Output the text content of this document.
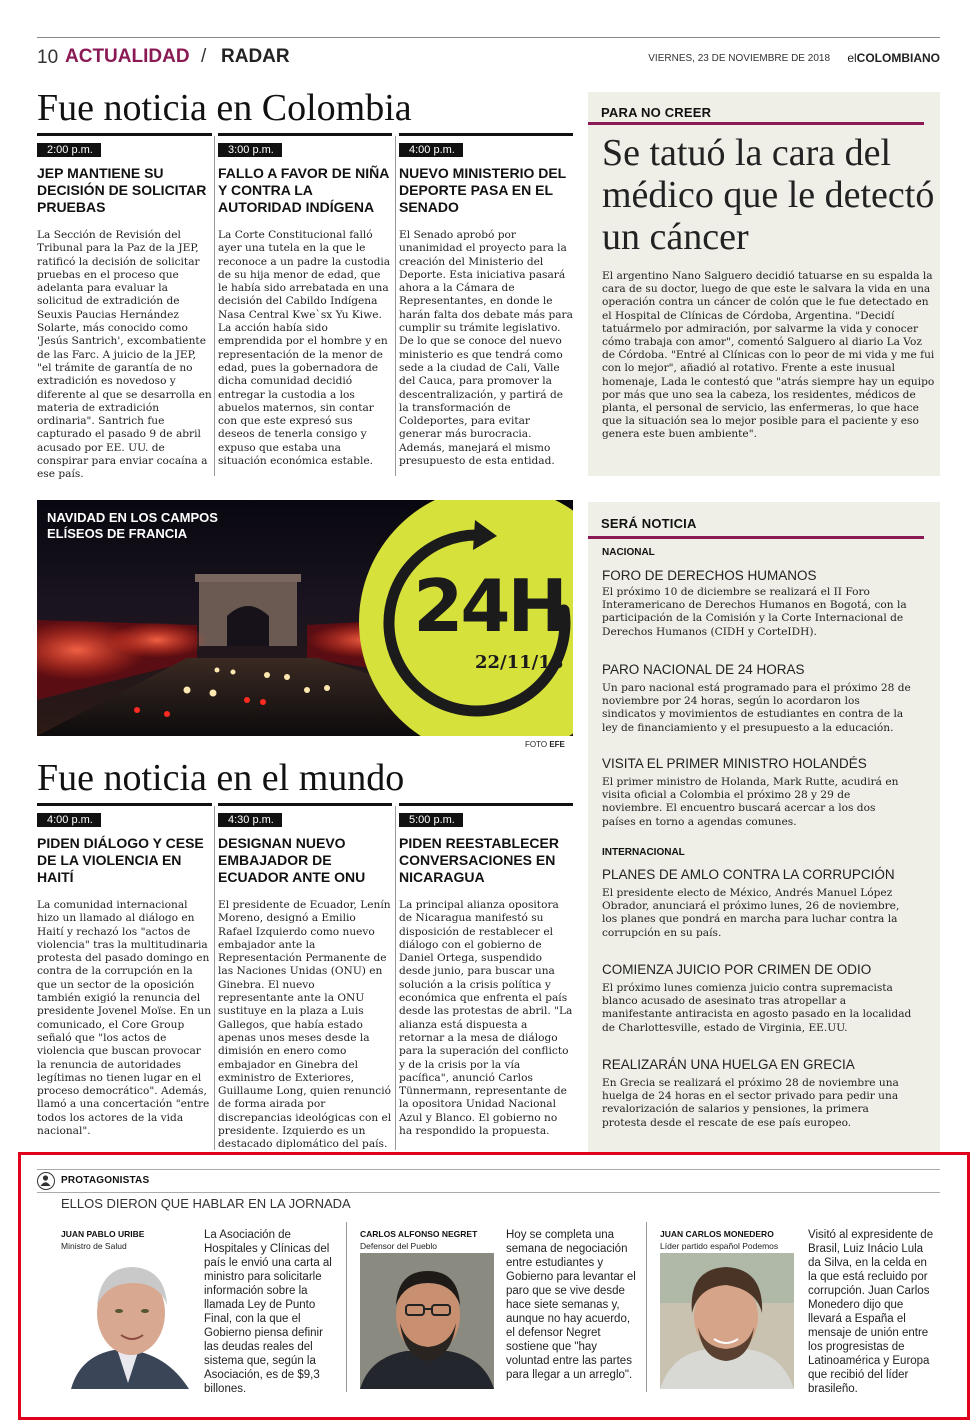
10 ACTUALIDAD / RADAR	VIERNES, 23 DE NOVIEMBRE DE 2018 elCOLOMBIANO
Fue noticia en Colombia
2:00 p.m.
JEP MANTIENE SU DECISIÓN DE SOLICITAR PRUEBAS
La Sección de Revisión del Tribunal para la Paz de la JEP, ratificó la decisión de solicitar pruebas en el proceso que adelanta para evaluar la solicitud de extradición de Seuxis Paucias Hernández Solarte, más conocido como 'Jesús Santrich', excombatiente de las Farc. A juicio de la JEP, "el trámite de garantía de no extradición es novedoso y diferente al que se desarrolla en materia de extradición ordinaria". Santrich fue capturado el pasado 9 de abril acusado por EE. UU. de conspirar para enviar cocaína a ese país.
3:00 p.m.
FALLO A FAVOR DE NIÑA Y CONTRA LA AUTORIDAD INDÍGENA
La Corte Constitucional falló ayer una tutela en la que le reconoce a un padre la custodia de su hija menor de edad, que le había sido arrebatada en una decisión del Cabildo Indígena Nasa Central Kwe`sx Yu Kiwe. La acción había sido emprendida por el hombre y en representación de la menor de edad, pues la gobernadora de dicha comunidad decidió entregar la custodia a los abuelos maternos, sin contar con que este expresó sus deseos de tenerla consigo y expuso que estaba una situación económica estable.
4:00 p.m.
NUEVO MINISTERIO DEL DEPORTE PASA EN EL SENADO
El Senado aprobó por unanimidad el proyecto para la creación del Ministerio del Deporte. Esta iniciativa pasará ahora a la Cámara de Representantes, en donde le harán falta dos debate más para cumplir su trámite legislativo. De lo que se conoce del nuevo ministerio es que tendrá como sede a la ciudad de Cali, Valle del Cauca, para promover la descentralización, y partirá de la transformación de Coldeportes, para evitar generar más burocracia. Además, manejará el mismo presupuesto de esta entidad.
PARA NO CREER
Se tatuó la cara del médico que le detectó un cáncer
El argentino Nano Salguero decidió tatuarse en su espalda la cara de su doctor, luego de que este le salvara la vida en una operación contra un cáncer de colón que le fue detectado en el Hospital de Clínicas de Córdoba, Argentina. "Decidí tatuármelo por admiración, por salvarme la vida y conocer cómo trabaja con amor", comentó Salguero al diario La Voz de Córdoba. "Entré al Clínicas con lo peor de mi vida y me fui con lo mejor", añadió al rotativo. Frente a este inusual homenaje, Lada le contestó que "atrás siempre hay un equipo por más que uno sea la cabeza, los residentes, médicos de planta, el personal de servicio, las enfermeras, lo que hace que la situación sea lo mejor posible para el paciente y eso genera este buen ambiente".
NAVIDAD EN LOS CAMPOS
ELÍSEOS DE FRANCIA
24H
22/11/18
FOTO EFE
Fue noticia en el mundo
4:00 p.m.
PIDEN DIÁLOGO Y CESE DE LA VIOLENCIA EN HAITÍ
La comunidad internacional hizo un llamado al diálogo en Haití y rechazó los "actos de violencia" tras la multitudinaria protesta del pasado domingo en contra de la corrupción en la que un sector de la oposición también exigió la renuncia del presidente Jovenel Moïse. En un comunicado, el Core Group señaló que "los actos de violencia que buscan provocar la renuncia de autoridades legítimas no tienen lugar en el proceso democrático". Además, llamó a una concertación "entre todos los actores de la vida nacional".
4:30 p.m.
DESIGNAN NUEVO EMBAJADOR DE ECUADOR ANTE ONU
El presidente de Ecuador, Lenín Moreno, designó a Emilio Rafael Izquierdo como nuevo embajador ante la Representación Permanente de las Naciones Unidas (ONU) en Ginebra. El nuevo representante ante la ONU sustituye en la plaza a Luis Gallegos, que había estado apenas unos meses desde la dimisión en enero como embajador en Ginebra del exministro de Exteriores, Guillaume Long, quien renunció de forma airada por discrepancias ideológicas con el presidente. Izquierdo es un destacado diplomático del país.
5:00 p.m.
PIDEN REESTABLECER CONVERSACIONES EN NICARAGUA
La principal alianza opositora de Nicaragua manifestó su disposición de restablecer el diálogo con el gobierno de Daniel Ortega, suspendido desde junio, para buscar una solución a la crisis política y económica que enfrenta el país desde las protestas de abril. "La alianza está dispuesta a retornar a la mesa de diálogo para la superación del conflicto y de la crisis por la vía pacífica", anunció Carlos Tünnermann, representante de la opositora Unidad Nacional Azul y Blanco. El gobierno no ha respondido la propuesta.
SERÁ NOTICIA
NACIONAL
FORO DE DERECHOS HUMANOS
El próximo 10 de diciembre se realizará el II Foro Interamericano de Derechos Humanos en Bogotá, con la participación de la Comisión y la Corte Internacional de Derechos Humanos (CIDH y CorteIDH).
PARO NACIONAL DE 24 HORAS
Un paro nacional está programado para el próximo 28 de noviembre por 24 horas, según lo acordaron los sindicatos y movimientos de estudiantes en contra de la ley de financiamiento y el presupuesto a la educación.
VISITA EL PRIMER MINISTRO HOLANDÉS
El primer ministro de Holanda, Mark Rutte, acudirá en visita oficial a Colombia el próximo 28 y 29 de noviembre. El encuentro buscará acercar a los dos países en torno a agendas comunes.
INTERNACIONAL
PLANES DE AMLO CONTRA LA CORRUPCIÓN
El presidente electo de México, Andrés Manuel López Obrador, anunciará el próximo lunes, 26 de noviembre, los planes que pondrá en marcha para luchar contra la corrupción en su país.
COMIENZA JUICIO POR CRIMEN DE ODIO
El próximo lunes comienza juicio contra supremacista blanco acusado de asesinato tras atropellar a manifestante antiracista en agosto pasado en la localidad de Charlottesville, estado de Virginia, EE.UU.
REALIZARÁN UNA HUELGA EN GRECIA
En Grecia se realizará el próximo 28 de noviembre una huelga de 24 horas en el sector privado para pedir una revalorización de salarios y pensiones, la primera protesta desde el rescate de ese país europeo.
PROTAGONISTAS
ELLOS DIERON QUE HABLAR EN LA JORNADA
JUAN PABLO URIBE
Ministro de Salud
La Asociación de Hospitales y Clínicas del país le envió una carta al ministro para solicitarle información sobre la llamada Ley de Punto Final, con la que el Gobierno piensa definir las deudas reales del sistema que, según la Asociación, es de $9,3 billones.
CARLOS ALFONSO NEGRET
Defensor del Pueblo
Hoy se completa una semana de negociación entre estudiantes y Gobierno para levantar el paro que se vive desde hace siete semanas y, aunque no hay acuerdo, el defensor Negret sostiene que "hay voluntad entre las partes para llegar a un arreglo".
JUAN CARLOS MONEDERO
Líder partido español Podemos
Visitó al expresidente de Brasil, Luiz Inácio Lula da Silva, en la celda en la que está recluido por corrupción. Juan Carlos Monedero dijo que llevará a España el mensaje de unión entre los progresistas de Latinoamérica y Europa que recibió del líder brasileño.
